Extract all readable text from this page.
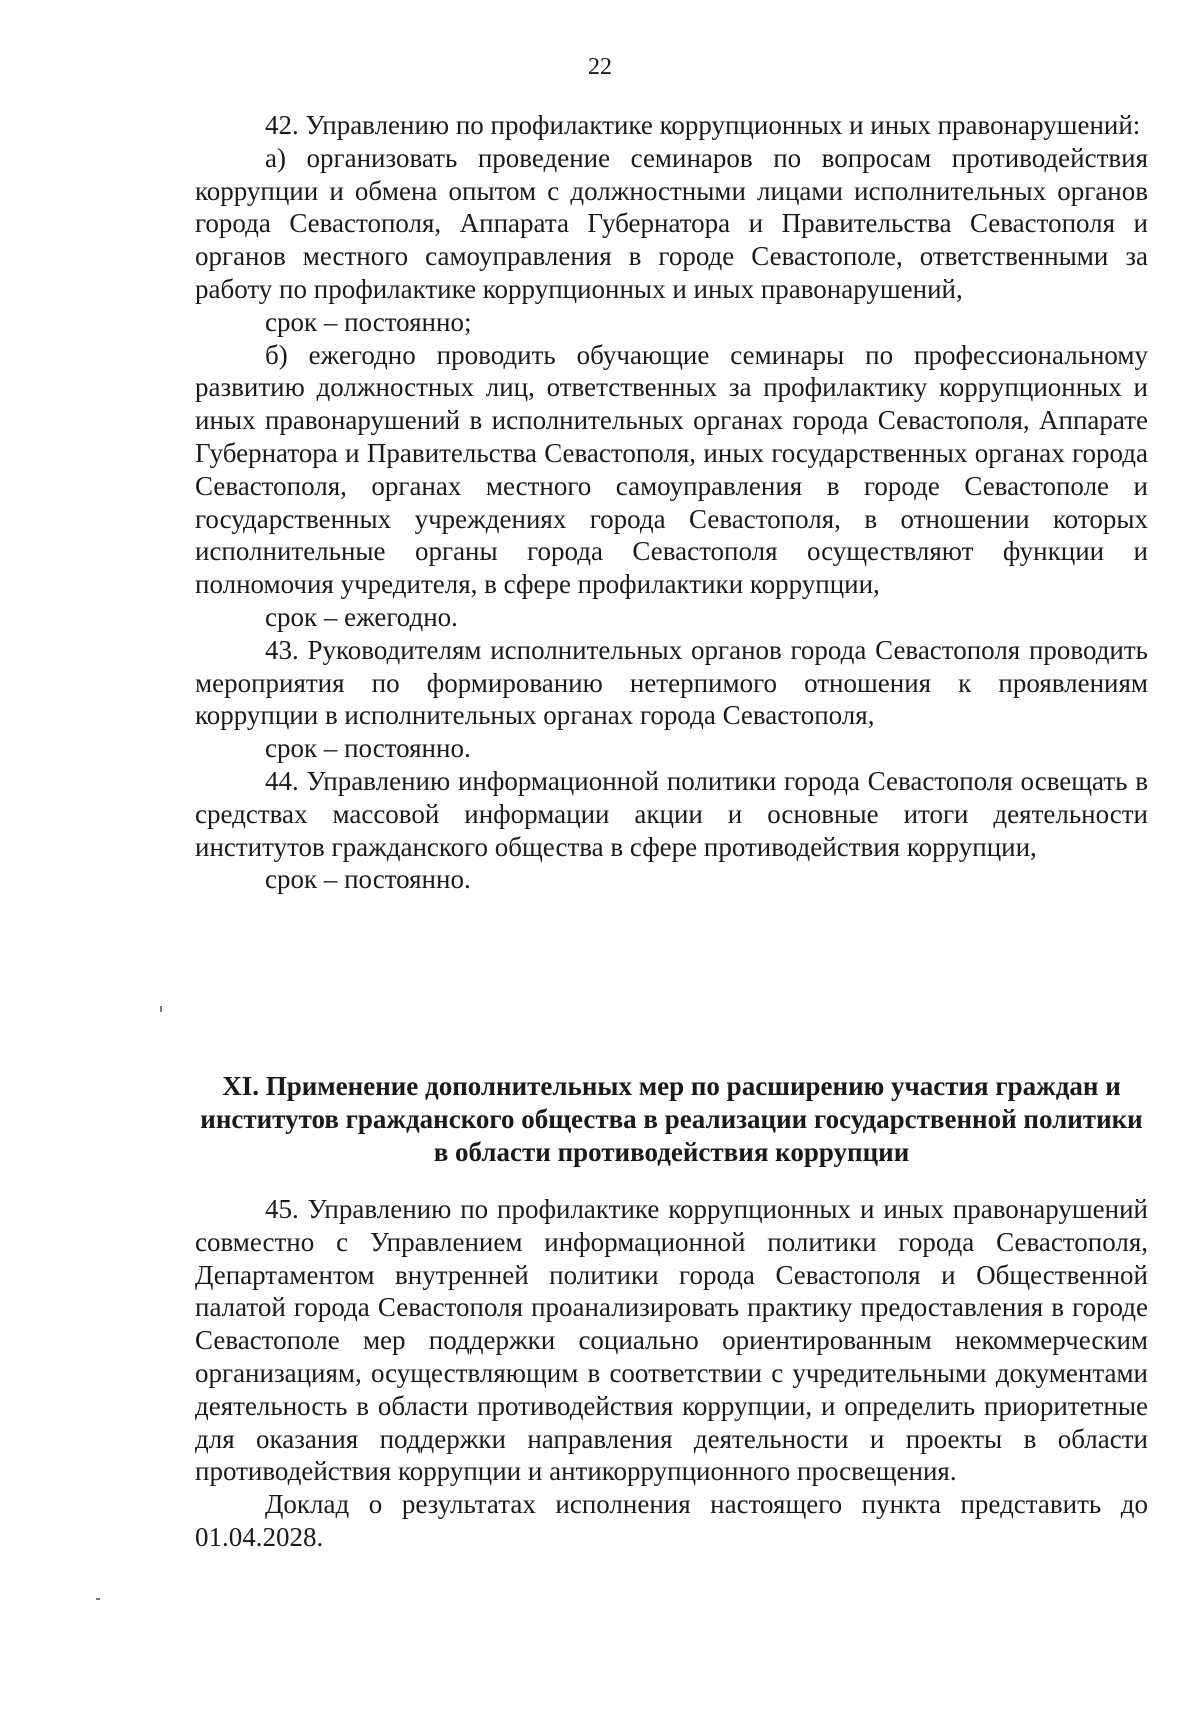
22

42. Управлению по профилактике коррупционных и иных правонарушений:

а) организовать проведение семинаров по вопросам противодействия коррупции и обмена опытом с должностными лицами исполнительных органов города Севастополя, Аппарата Губернатора и Правительства Севастополя и органов местного самоуправления в городе Севастополе, ответственными за работу по профилактике коррупционных и иных правонарушений,

срок – постоянно;

б) ежегодно проводить обучающие семинары по профессиональному развитию должностных лиц, ответственных за профилактику коррупционных и иных правонарушений в исполнительных органах города Севастополя, Аппарате Губернатора и Правительства Севастополя, иных государственных органах города Севастополя, органах местного самоуправления в городе Севастополе и государственных учреждениях города Севастополя, в отношении которых исполнительные органы города Севастополя осуществляют функции и полномочия учредителя, в сфере профилактики коррупции,

срок – ежегодно.

43. Руководителям исполнительных органов города Севастополя проводить мероприятия по формированию нетерпимого отношения к проявлениям коррупции в исполнительных органах города Севастополя,

срок – постоянно.

44. Управлению информационной политики города Севастополя освещать в средствах массовой информации акции и основные итоги деятельности институтов гражданского общества в сфере противодействия коррупции,

срок – постоянно.

XI. Применение дополнительных мер по расширению участия граждан и институтов гражданского общества в реализации государственной политики в области противодействия коррупции

45. Управлению по профилактике коррупционных и иных правонарушений совместно с Управлением информационной политики города Севастополя, Департаментом внутренней политики города Севастополя и Общественной палатой города Севастополя проанализировать практику предоставления в городе Севастополе мер поддержки социально ориентированным некоммерческим организациям, осуществляющим в соответствии с учредительными документами деятельность в области противодействия коррупции, и определить приоритетные для оказания поддержки направления деятельности и проекты в области противодействия коррупции и антикоррупционного просвещения.

Доклад о результатах исполнения настоящего пункта представить до 01.04.2028.
